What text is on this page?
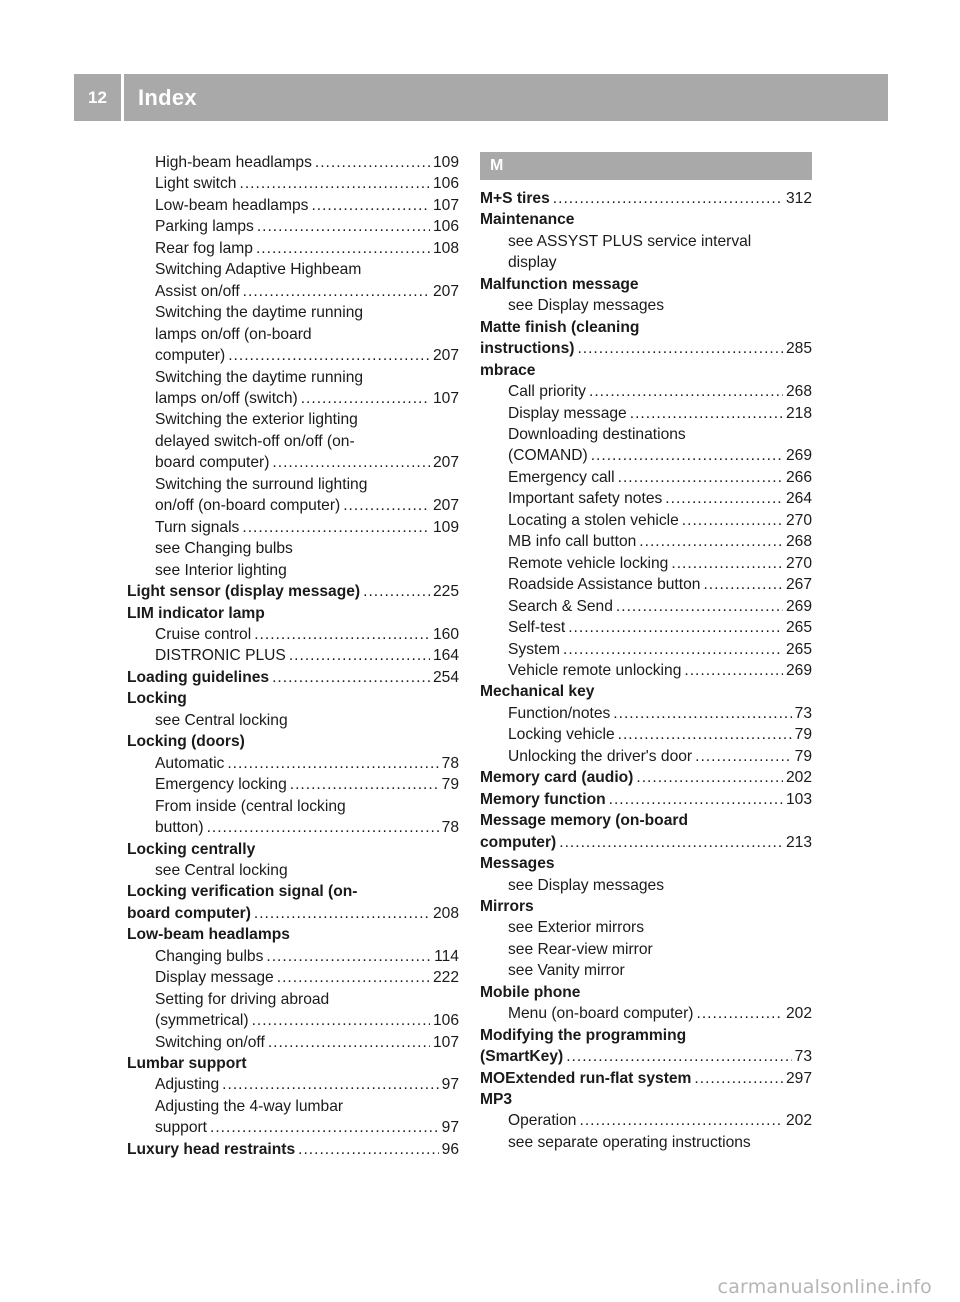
12	Index
High-beam headlamps .....	109
Light switch .....	106
Low-beam headlamps .....	107
Parking lamps .....	106
Rear fog lamp .....	108
Switching Adaptive Highbeam
Assist on/off .....	207
Switching the daytime running
lamps on/off (on-board
computer) .....	207
Switching the daytime running
lamps on/off (switch) .....	107
Switching the exterior lighting
delayed switch-off on/off (on-
board computer) .....	207
Switching the surround lighting
on/off (on-board computer) .....	207
Turn signals .....	109
see Changing bulbs
see Interior lighting
Light sensor (display message) .....	225
LIM indicator lamp
Cruise control .....	160
DISTRONIC PLUS .....	164
Loading guidelines .....	254
Locking
see Central locking
Locking (doors)
Automatic .....	78
Emergency locking .....	79
From inside (central locking
button) .....	78
Locking centrally
see Central locking
Locking verification signal (on-
board computer) .....	208
Low-beam headlamps
Changing bulbs .....	114
Display message .....	222
Setting for driving abroad
(symmetrical) .....	106
Switching on/off .....	107
Lumbar support
Adjusting .....	97
Adjusting the 4-way lumbar
support .....	97
Luxury head restraints .....	96
M
M+S tires .....	312
Maintenance
see ASSYST PLUS service interval
display
Malfunction message
see Display messages
Matte finish (cleaning
instructions) .....	285
mbrace
Call priority .....	268
Display message .....	218
Downloading destinations
(COMAND) .....	269
Emergency call .....	266
Important safety notes .....	264
Locating a stolen vehicle .....	270
MB info call button .....	268
Remote vehicle locking .....	270
Roadside Assistance button .....	267
Search & Send .....	269
Self-test .....	265
System .....	265
Vehicle remote unlocking .....	269
Mechanical key
Function/notes .....	73
Locking vehicle .....	79
Unlocking the driver's door .....	79
Memory card (audio) .....	202
Memory function .....	103
Message memory (on-board
computer) .....	213
Messages
see Display messages
Mirrors
see Exterior mirrors
see Rear-view mirror
see Vanity mirror
Mobile phone
Menu (on-board computer) .....	202
Modifying the programming
(SmartKey) .....	73
MOExtended run-flat system .....	297
MP3
Operation .....	202
see separate operating instructions
carmanualsonline.info
